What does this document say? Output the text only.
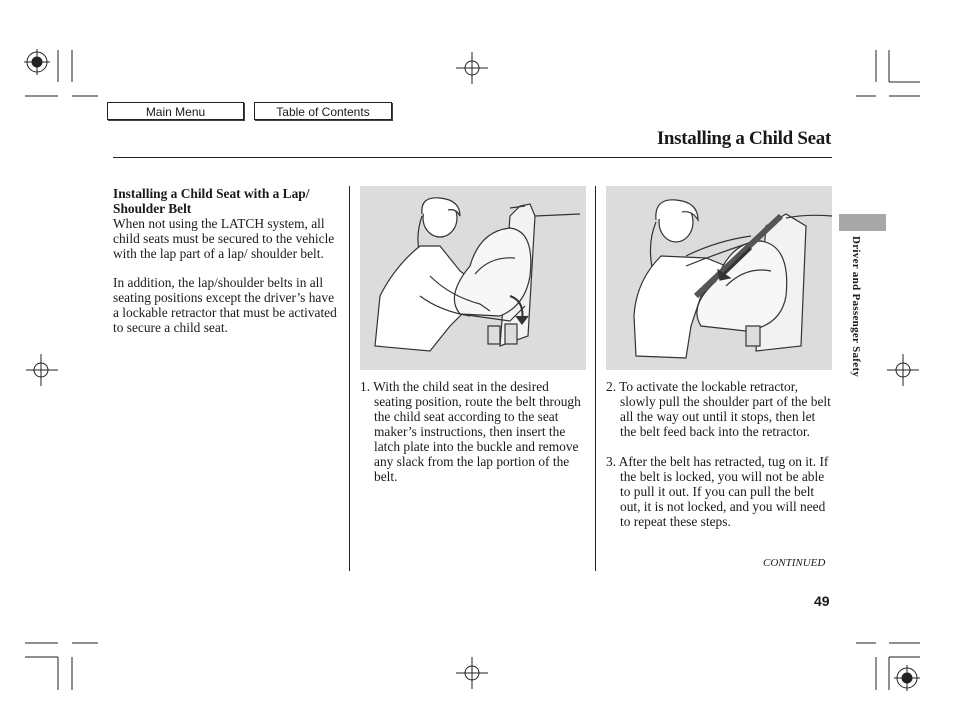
Main Menu	Table of Contents
Installing a Child Seat
Installing a Child Seat with a Lap/ Shoulder Belt

When not using the LATCH system, all child seats must be secured to the vehicle with the lap part of a lap/ shoulder belt.

In addition, the lap/shoulder belts in all seating positions except the driver’s have a lockable retractor that must be activated to secure a child seat.

1. With the child seat in the desired seating position, route the belt through the child seat according to the seat maker’s instructions, then insert the latch plate into the buckle and remove any slack from the lap portion of the belt.

2. To activate the lockable retractor, slowly pull the shoulder part of the belt all the way out until it stops, then let the belt feed back into the retractor.

3. After the belt has retracted, tug on it. If the belt is locked, you will not be able to pull it out. If you can pull the belt out, it is not locked, and you will need to repeat these steps.

CONTINUED
49
Driver and Passenger Safety
